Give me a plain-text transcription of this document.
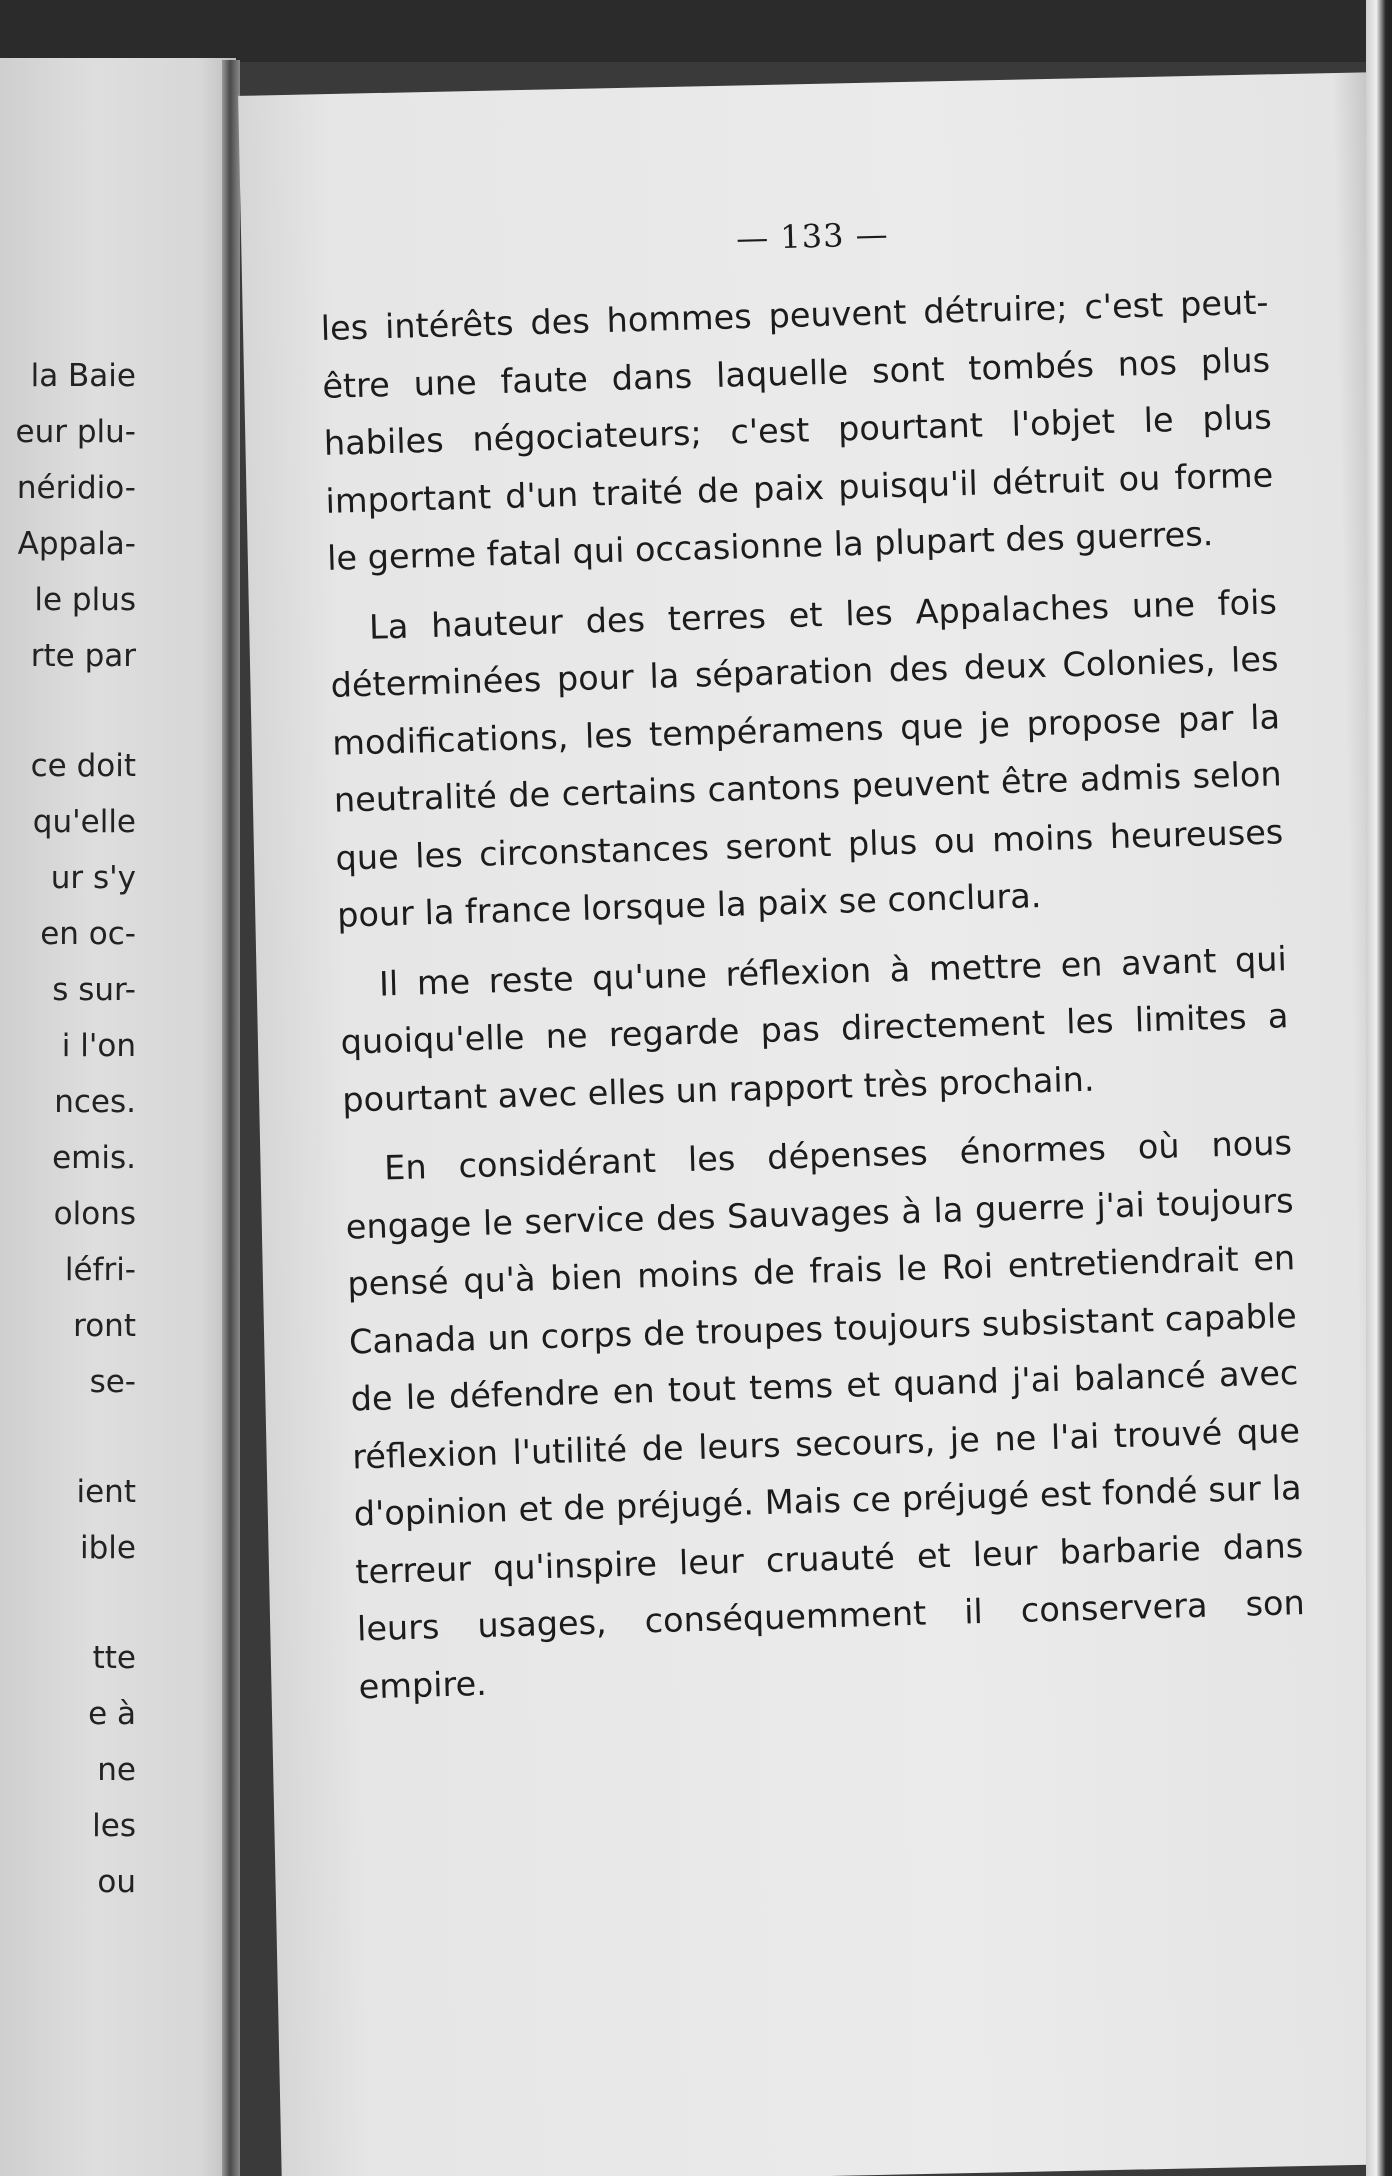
la Baie
eur plu-
néridio-
Appala-
le plus
rte par
ce doit
qu'elle
ur s'y
en oc-
s sur-
i l'on
nces.
emis.
olons
léfri-
ront
se-
ient
ible
tte
e à
ne
les
ou
— 133 —

les intérêts des hommes peuvent détruire; c'est peut-être une faute dans laquelle sont tombés nos plus habiles négociateurs; c'est pourtant l'objet le plus important d'un traité de paix puisqu'il détruit ou forme le germe fatal qui occasionne la plupart des guerres.

La hauteur des terres et les Appalaches une fois déterminées pour la séparation des deux Colonies, les modifications, les tempéramens que je propose par la neutralité de certains cantons peuvent être admis selon que les circonstances seront plus ou moins heureuses pour la france lorsque la paix se conclura.

Il me reste qu'une réflexion à mettre en avant qui quoiqu'elle ne regarde pas directement les limites a pourtant avec elles un rapport très prochain.

En considérant les dépenses énormes où nous engage le service des Sauvages à la guerre j'ai toujours pensé qu'à bien moins de frais le Roi entretiendrait en Canada un corps de troupes toujours subsistant capable de le défendre en tout tems et quand j'ai balancé avec réflexion l'utilité de leurs secours, je ne l'ai trouvé que d'opinion et de préjugé. Mais ce préjugé est fondé sur la terreur qu'inspire leur cruauté et leur barbarie dans leurs usages, conséquemment il conservera son empire.
